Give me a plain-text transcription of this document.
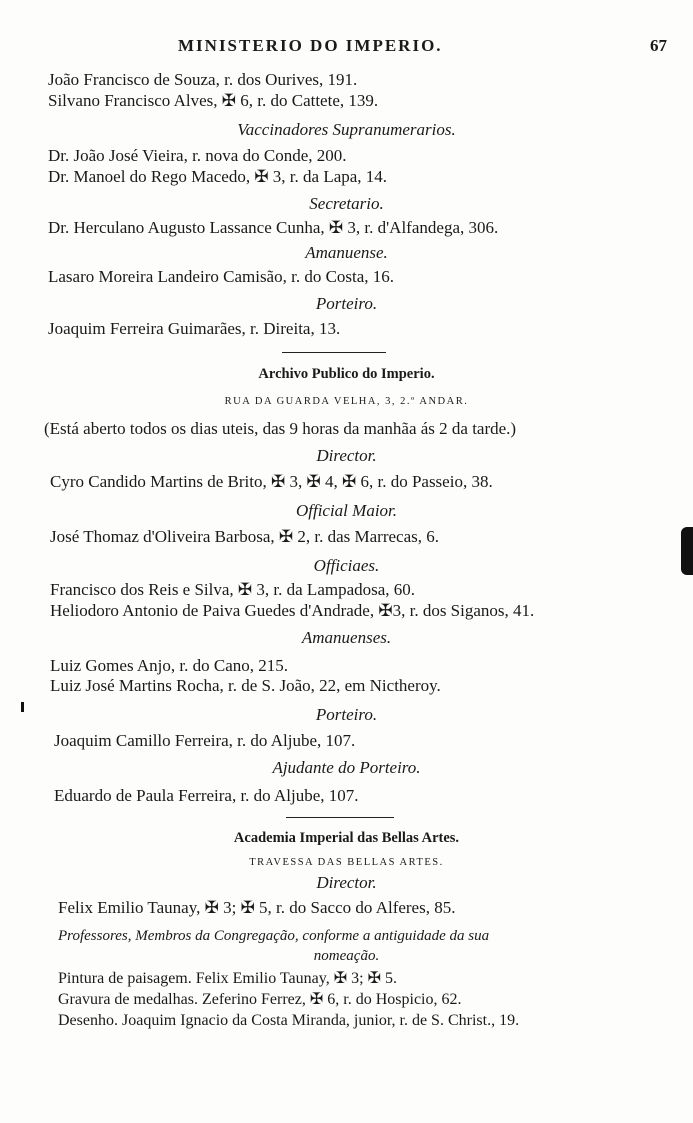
MINISTERIO DO IMPERIO.	67
João Francisco de Souza, r. dos Ourives, 191.
Silvano Francisco Alves, ✠ 6, r. do Cattete, 139.
Vaccinadores Supranumerarios.
Dr. João José Vieira, r. nova do Conde, 200.
Dr. Manoel do Rego Macedo, ✠ 3, r. da Lapa, 14.
Secretario.
Dr. Herculano Augusto Lassance Cunha, ✠ 3, r. d'Alfandega, 306.
Amanuense.
Lasaro Moreira Landeiro Camisão, r. do Costa, 16.
Porteiro.
Joaquim Ferreira Guimarães, r. Direita, 13.
Archivo Publico do Imperio.
RUA DA GUARDA VELHA, 3, 2.º ANDAR.
(Está aberto todos os dias uteis, das 9 horas da manhãa ás 2 da tarde.)
Director.
Cyro Candido Martins de Brito, ✠ 3, ✠ 4, ✠ 6, r. do Passeio, 38.
Official Maior.
José Thomaz d'Oliveira Barbosa, ✠ 2, r. das Marrecas, 6.
Officiaes.
Francisco dos Reis e Silva, ✠ 3, r. da Lampadosa, 60.
Heliodoro Antonio de Paiva Guedes d'Andrade, ✠3, r. dos Siganos, 41.
Amanuenses.
Luiz Gomes Anjo, r. do Cano, 215.
Luiz José Martins Rocha, r. de S. João, 22, em Nictheroy.
Porteiro.
Joaquim Camillo Ferreira, r. do Aljube, 107.
Ajudante do Porteiro.
Eduardo de Paula Ferreira, r. do Aljube, 107.
Academia Imperial das Bellas Artes.
TRAVESSA DAS BELLAS ARTES.
Director.
Felix Emilio Taunay, ✠ 3; ✠ 5, r. do Sacco do Alferes, 85.
Professores, Membros da Congregação, conforme a antiguidade da sua
nomeação.
Pintura de paisagem. Felix Emilio Taunay, ✠ 3; ✠ 5.
Gravura de medalhas. Zeferino Ferrez, ✠ 6, r. do Hospicio, 62.
Desenho. Joaquim Ignacio da Costa Miranda, junior, r. de S. Christ., 19.
